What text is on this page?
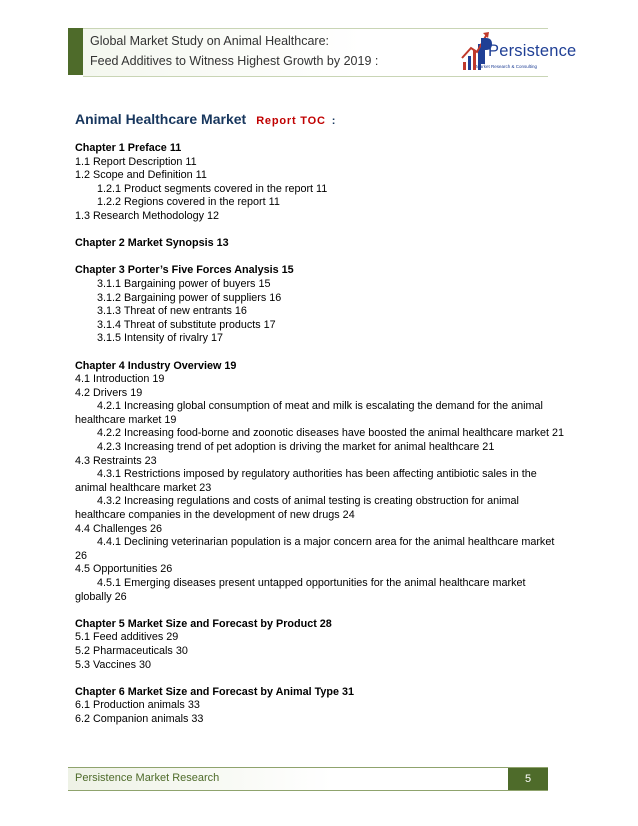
Global Market Study on Animal Healthcare:
Feed Additives to Witness Highest Growth by 2019 :
Persistence
Market Research & Consulting
Animal Healthcare Market Report TOC :
Chapter 1 Preface 11
1.1 Report Description 11
1.2 Scope and Definition 11
1.2.1 Product segments covered in the report 11
1.2.2 Regions covered in the report 11
1.3 Research Methodology 12
Chapter 2 Market Synopsis 13
Chapter 3 Porter’s Five Forces Analysis 15
3.1.1 Bargaining power of buyers 15
3.1.2 Bargaining power of suppliers 16
3.1.3 Threat of new entrants 16
3.1.4 Threat of substitute products 17
3.1.5 Intensity of rivalry 17
Chapter 4 Industry Overview 19
4.1 Introduction 19
4.2 Drivers 19
4.2.1 Increasing global consumption of meat and milk is escalating the demand for the animal healthcare market 19
4.2.2 Increasing food-borne and zoonotic diseases have boosted the animal healthcare market 21
4.2.3 Increasing trend of pet adoption is driving the market for animal healthcare 21
4.3 Restraints 23
4.3.1 Restrictions imposed by regulatory authorities has been affecting antibiotic sales in the animal healthcare market 23
4.3.2 Increasing regulations and costs of animal testing is creating obstruction for animal healthcare companies in the development of new drugs 24
4.4 Challenges 26
4.4.1 Declining veterinarian population is a major concern area for the animal healthcare market 26
4.5 Opportunities 26
4.5.1 Emerging diseases present untapped opportunities for the animal healthcare market globally 26
Chapter 5 Market Size and Forecast by Product 28
5.1 Feed additives 29
5.2 Pharmaceuticals 30
5.3 Vaccines 30
Chapter 6 Market Size and Forecast by Animal Type 31
6.1 Production animals 33
6.2 Companion animals 33
Persistence Market Research	5
